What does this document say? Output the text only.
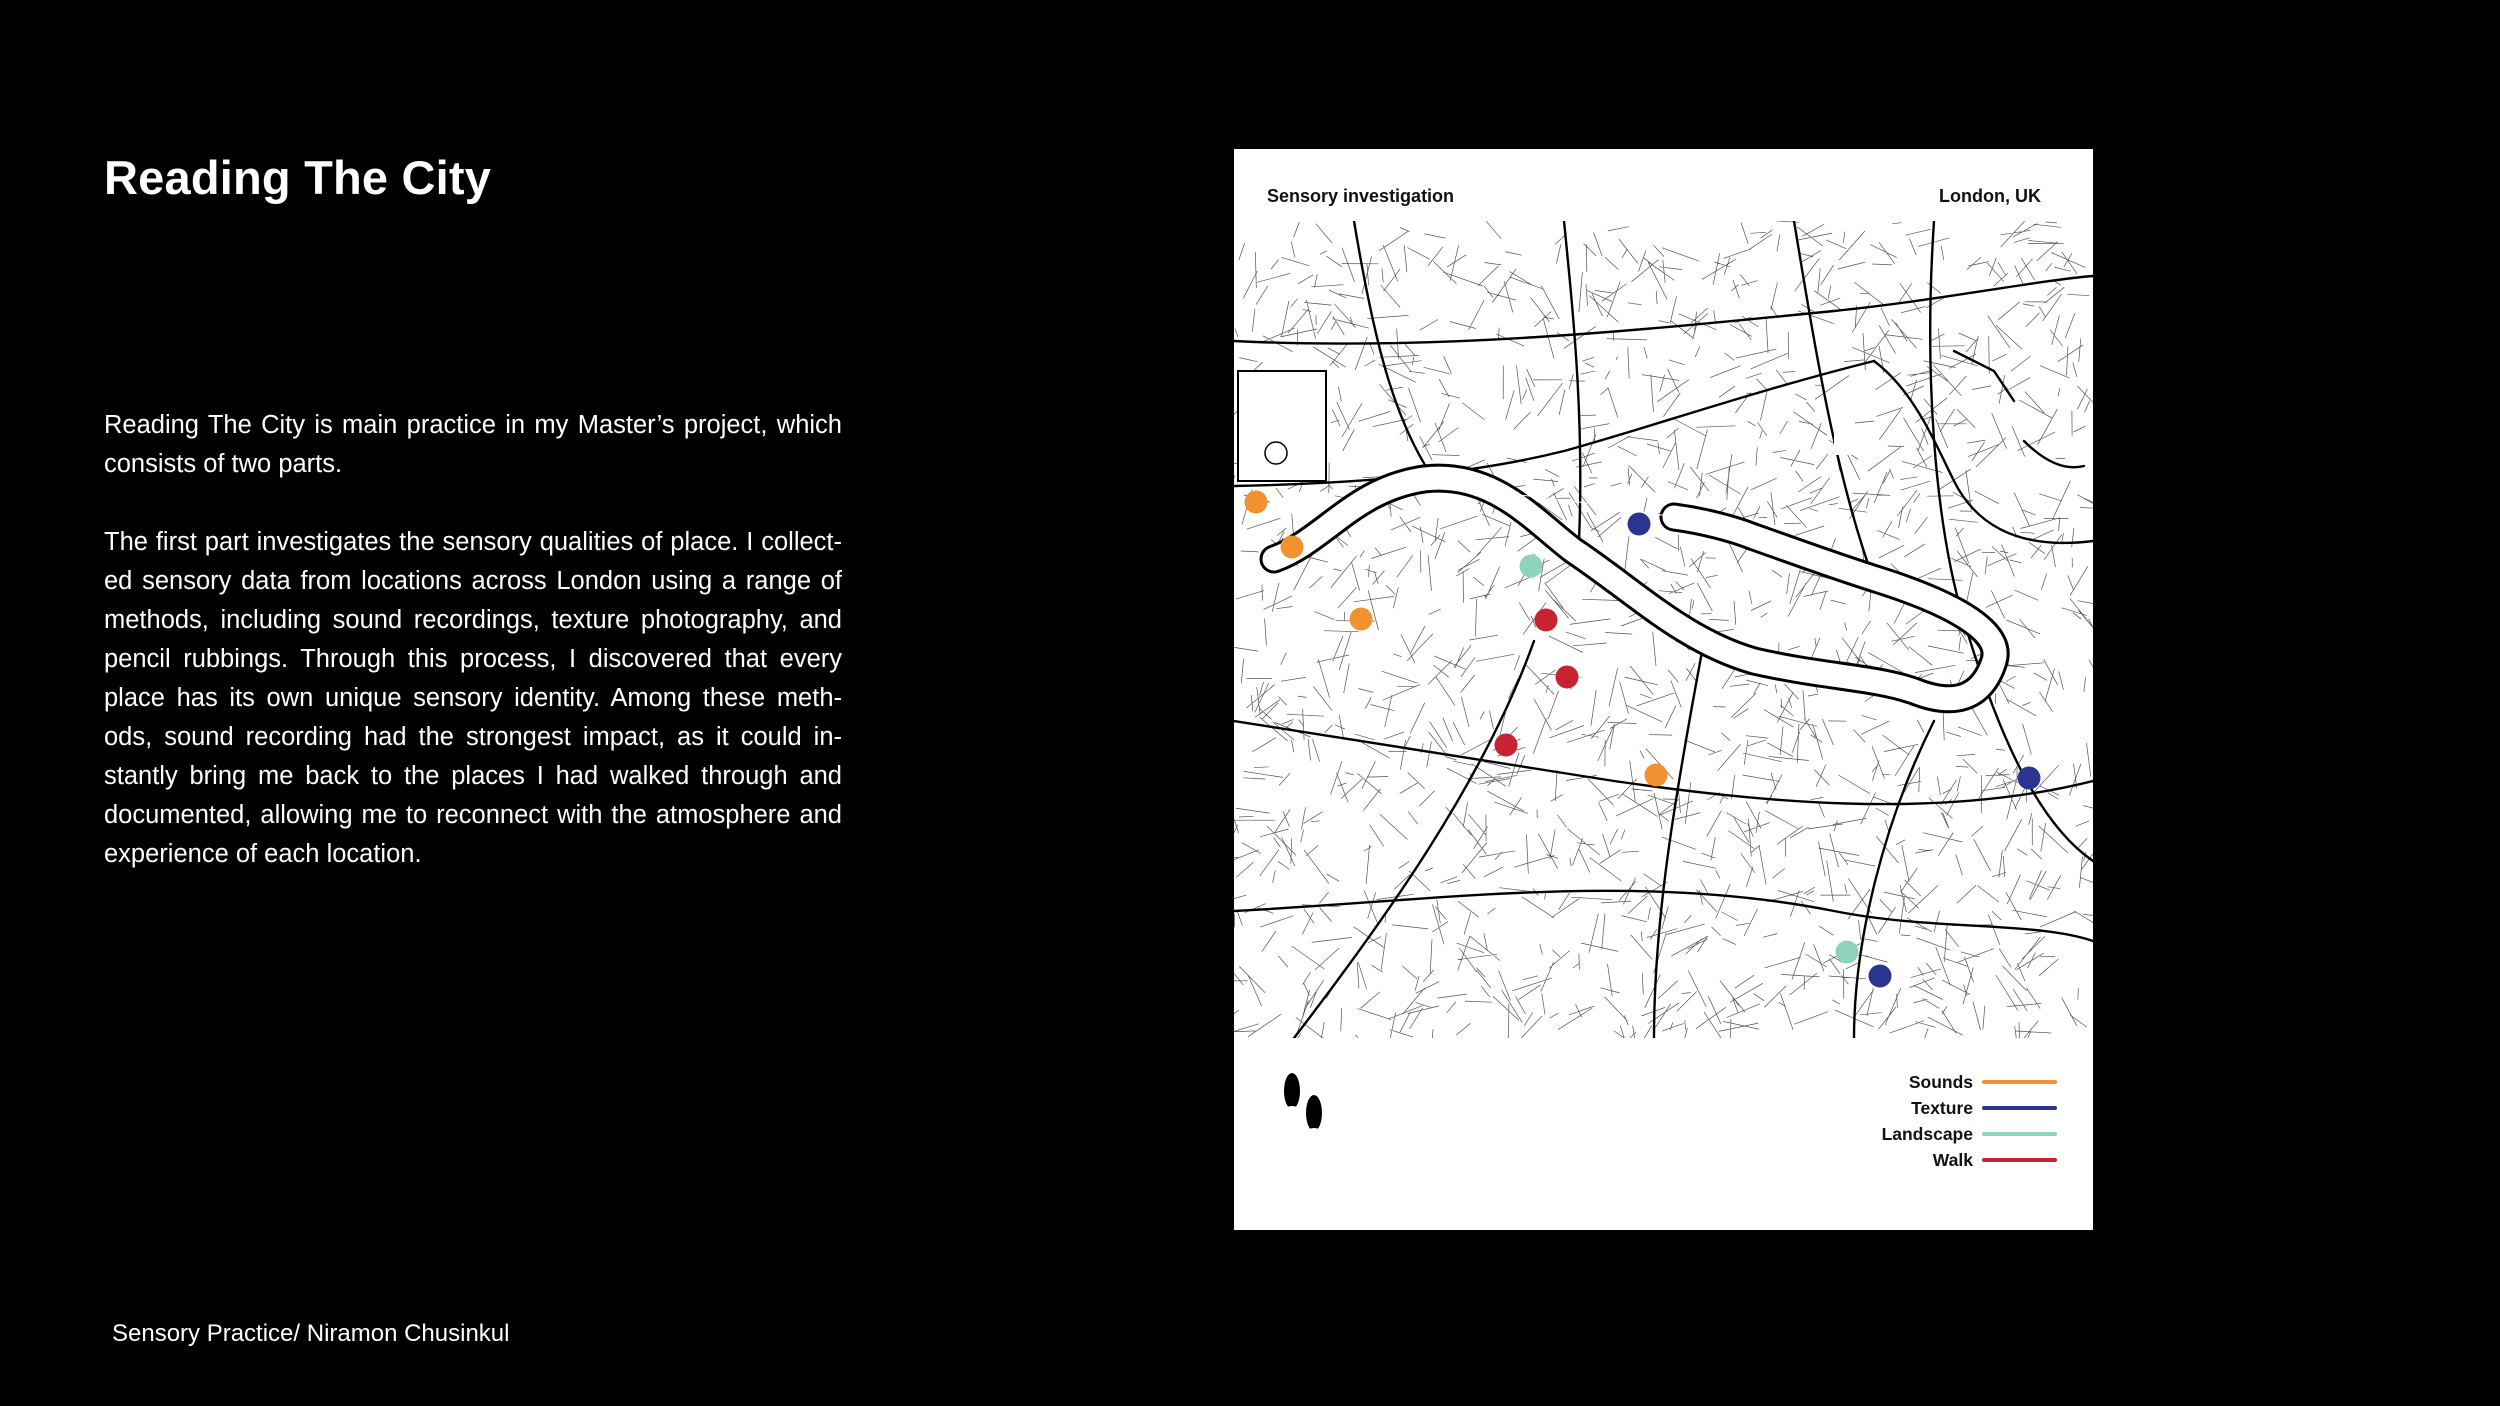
Reading The City

Reading The City is main practice in my Master’s project, which consists of two parts.

The first part investigates the sensory qualities of place. I collect-ed sensory data from locations across London using a range of methods, including sound recordings, texture photography, and pencil rubbings. Through this process, I discovered that every place has its own unique sensory identity. Among these meth-ods, sound recording had the strongest impact, as it could in-stantly bring me back to the places I had walked through and documented, allowing me to reconnect with the atmosphere and experience of each location.

Sensory Practice/ Niramon Chusinkul
Sensory investigation	London, UK
Sounds
Texture
Landscape
Walk
